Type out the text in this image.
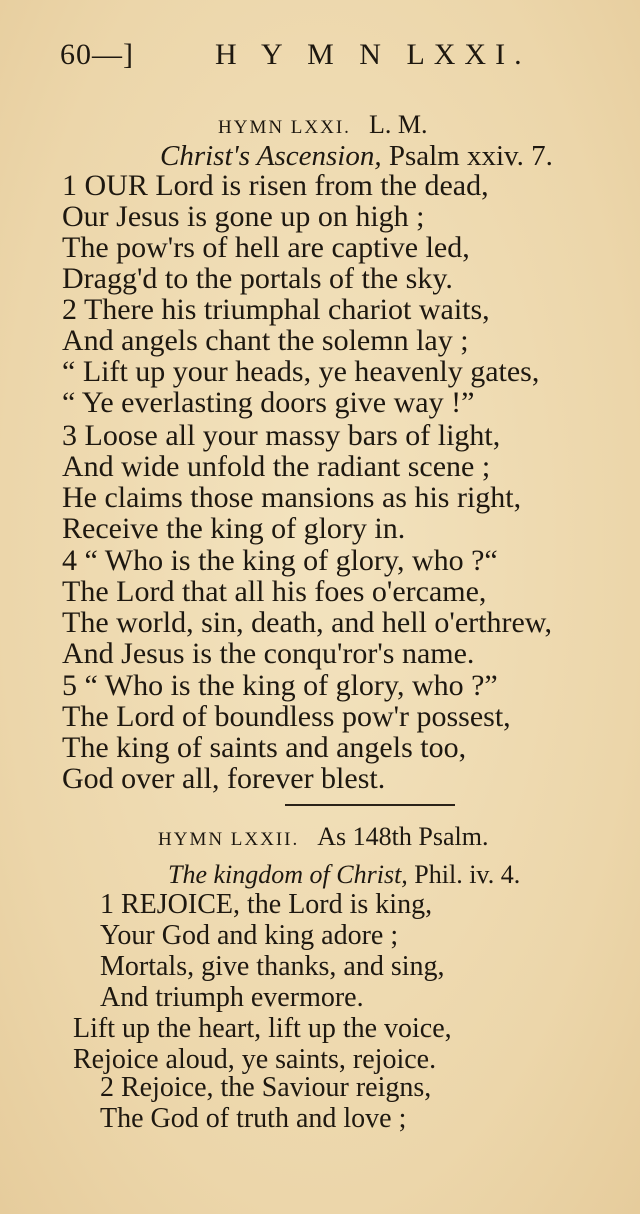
60—]	H Y M N LXXI.
HYMN LXXI. L. M.
Christ's Ascension, Psalm xxiv. 7.
1 OUR Lord is risen from the dead,
Our Jesus is gone up on high ;
The pow'rs of hell are captive led,
Dragg'd to the portals of the sky.
2 There his triumphal chariot waits,
And angels chant the solemn lay ;
“ Lift up your heads, ye heavenly gates,
“ Ye everlasting doors give way !”
3 Loose all your massy bars of light,
And wide unfold the radiant scene ;
He claims those mansions as his right,
Receive the king of glory in.
4 “ Who is the king of glory, who ?“
The Lord that all his foes o'ercame,
The world, sin, death, and hell o'erthrew,
And Jesus is the conqu'ror's name.
5 “ Who is the king of glory, who ?”
The Lord of boundless pow'r possest,
The king of saints and angels too,
God over all, forever blest.
HYMN LXXII. As 148th Psalm.
The kingdom of Christ, Phil. iv. 4.
1 REJOICE, the Lord is king,
Your God and king adore ;
Mortals, give thanks, and sing,
And triumph evermore.
Lift up the heart, lift up the voice,
Rejoice aloud, ye saints, rejoice.
2 Rejoice, the Saviour reigns,
The God of truth and love ;
